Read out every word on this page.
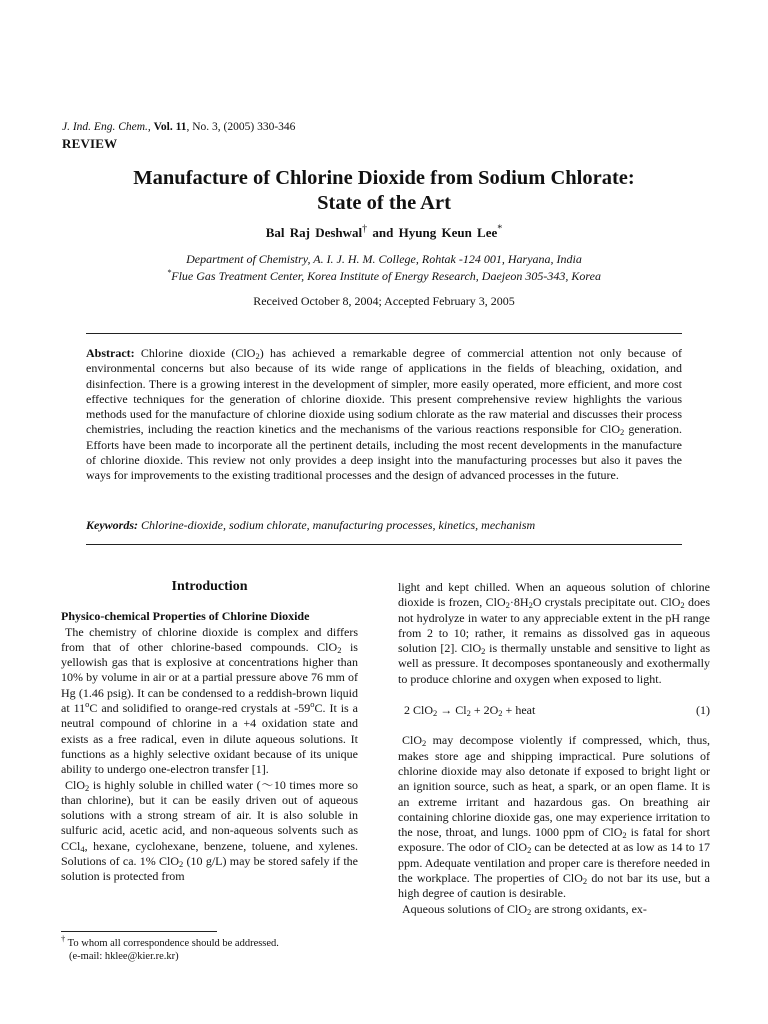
J. Ind. Eng. Chem., Vol. 11, No. 3, (2005) 330-346
REVIEW
Manufacture of Chlorine Dioxide from Sodium Chlorate:
State of the Art
Bal Raj Deshwal† and Hyung Keun Lee*
Department of Chemistry, A. I. J. H. M. College, Rohtak -124 001, Haryana, India
*Flue Gas Treatment Center, Korea Institute of Energy Research, Daejeon 305-343, Korea
Received October 8, 2004; Accepted February 3, 2005
Abstract: Chlorine dioxide (ClO$_2$) has achieved a remarkable degree of commercial attention not only because of environmental concerns but also because of its wide range of applications in the fields of bleaching, oxidation, and disinfection. There is a growing interest in the development of simpler, more easily operated, more efficient, and more cost effective techniques for the generation of chlorine dioxide. This present comprehensive review highlights the various methods used for the manufacture of chlorine dioxide using sodium chlorate as the raw material and discusses their process chemistries, including the reaction kinetics and the mechanisms of the various reactions responsible for ClO$_2$ generation. Efforts have been made to incorporate all the pertinent details, including the most recent developments in the manufacture of chlorine dioxide. This review not only provides a deep insight into the manufacturing processes but also it paves the ways for improvements to the existing traditional processes and the design of advanced processes in the future.
Keywords: Chlorine-dioxide, sodium chlorate, manufacturing processes, kinetics, mechanism
Introduction
Physico-chemical Properties of Chlorine Dioxide

The chemistry of chlorine dioxide is complex and differs from that of other chlorine-based compounds. ClO$_2$ is yellowish gas that is explosive at concentrations higher than 10% by volume in air or at a partial pressure above 76 mm of Hg (1.46 psig). It can be condensed to a reddish-brown liquid at 11$^o$C and solidified to orange-red crystals at -59$^o$C. It is a neutral compound of chlorine in a +4 oxidation state and exists as a free radical, even in dilute aqueous solutions. It functions as a highly selective oxidant because of its unique ability to undergo one-electron transfer [1].

ClO$_2$ is highly soluble in chilled water (～10 times more so than chlorine), but it can be easily driven out of aqueous solutions with a strong stream of air. It is also soluble in sulfuric acid, acetic acid, and non-aqueous solvents such as CCl$_4$, hexane, cyclohexane, benzene, toluene, and xylenes. Solutions of ca. 1% ClO$_2$ (10 g/L) may be stored safely if the solution is protected from

light and kept chilled. When an aqueous solution of chlorine dioxide is frozen, $ClO_2\cdot 8H_2O$ crystals precipitate out. ClO$_2$ does not hydrolyze in water to any appreciable extent in the pH range from 2 to 10; rather, it remains as dissolved gas in aqueous solution [2]. ClO$_2$ is thermally unstable and sensitive to light as well as pressure. It decomposes spontaneously and exothermally to produce chlorine and oxygen when exposed to light.

2 $ClO_2 \to Cl_2 + 2O_2$ + heat	(1)

ClO$_2$ may decompose violently if compressed, which, thus, makes store age and shipping impractical. Pure solutions of chlorine dioxide may also detonate if exposed to bright light or an ignition source, such as heat, a spark, or an open flame. It is an extreme irritant and hazardous gas. On breathing air containing chlorine dioxide gas, one may experience irritation to the nose, throat, and lungs. 1000 ppm of ClO$_2$ is fatal for short exposure. The odor of ClO$_2$ can be detected at as low as 14 to 17 ppm. Adequate ventilation and proper care is therefore needed in the workplace. The properties of ClO$_2$ do not bar its use, but a high degree of caution is desirable.

Aqueous solutions of ClO$_2$ are strong oxidants, ex-

† To whom all correspondence should be addressed.
(e-mail: hklee@kier.re.kr)
